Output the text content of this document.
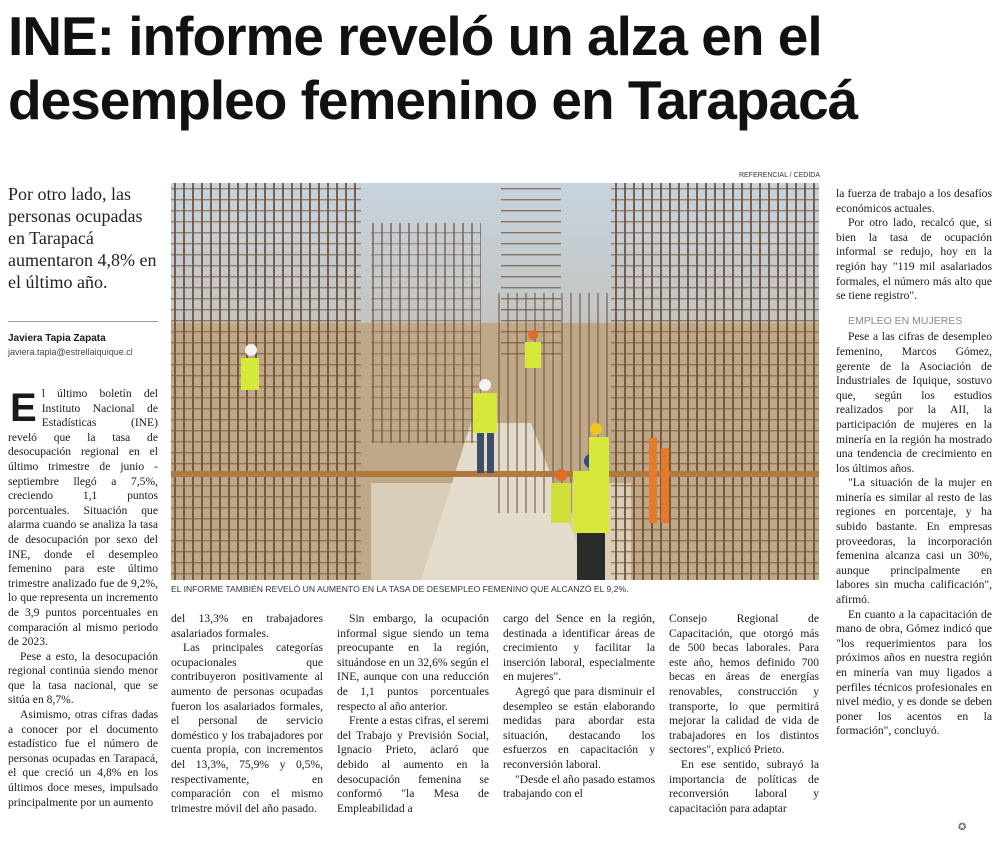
INE: informe reveló un alza en el
desempleo femenino en Tarapacá
Por otro lado, las personas ocupadas en Tarapacá aumentaron 4,8% en el último año.
Javiera Tapia Zapata
javiera.tapia@estrellaiquique.cl
REFERENCIAL / CEDIDA
EL INFORME TAMBIÉN REVELÓ UN AUMENTO EN LA TASA DE DESEMPLEO FEMENINO QUE ALCANZÓ EL 9,2%.

El último boletín del Instituto Nacional de Estadísticas (INE) reveló que la tasa de desocupación regional en el último trimestre de junio - septiembre llegó a 7,5%, creciendo 1,1 puntos porcentuales. Situación que alarma cuando se analiza la tasa de desocupación por sexo del INE, donde el desempleo femenino para este último trimestre analizado fue de 9,2%, lo que representa un incremento de 3,9 puntos porcentuales en comparación al mismo periodo de 2023.

Pese a esto, la desocupación regional continúa siendo menor que la tasa nacional, que se sitúa en 8,7%.

Asimismo, otras cifras dadas a conocer por el documento estadístico fue el número de personas ocupadas en Tarapacá, el que creció un 4,8% en los últimos doce meses, impulsado principalmente por un aumento

del 13,3% en trabajadores asalariados formales.

Las principales categorías ocupacionales que contribuyeron positivamente al aumento de personas ocupadas fueron los asalariados formales, el personal de servicio doméstico y los trabajadores por cuenta propia, con incrementos del 13,3%, 75,9% y 0,5%, respectivamente, en comparación con el mismo trimestre móvil del año pasado.

Sin embargo, la ocupación informal sigue siendo un tema preocupante en la región, situándose en un 32,6% según el INE, aunque con una reducción de 1,1 puntos porcentuales respecto al año anterior.

Frente a estas cifras, el seremi del Trabajo y Previsión Social, Ignacio Prieto, aclaró que debido al aumento en la desocupación femenina se conformó "la Mesa de Empleabilidad a

cargo del Sence en la región, destinada a identificar áreas de crecimiento y facilitar la inserción laboral, especialmente en mujeres".

Agregó que para disminuir el desempleo se están elaborando medidas para abordar esta situación, destacando los esfuerzos en capacitación y reconversión laboral.

"Desde el año pasado estamos trabajando con el

Consejo Regional de Capacitación, que otorgó más de 500 becas laborales. Para este año, hemos definido 700 becas en áreas de energías renovables, construcción y transporte, lo que permitirá mejorar la calidad de vida de trabajadores en los distintos sectores", explicó Prieto.

En ese sentido, subrayó la importancia de políticas de reconversión laboral y capacitación para adaptar

la fuerza de trabajo a los desafíos económicos actuales.

Por otro lado, recalcó que, si bien la tasa de ocupación informal se redujo, hoy en la región hay "119 mil asalariados formales, el número más alto que se tiene registro".

EMPLEO EN MUJERES

Pese a las cifras de desempleo femenino, Marcos Gómez, gerente de la Asociación de Industriales de Iquique, sostuvo que, según los estudios realizados por la AII, la participación de mujeres en la minería en la región ha mostrado una tendencia de crecimiento en los últimos años.

"La situación de la mujer en minería es similar al resto de las regiones en porcentaje, y ha subido bastante. En empresas proveedoras, la incorporación femenina alcanza casi un 30%, aunque principalmente en labores sin mucha calificación", afirmó.

En cuanto a la capacitación de mano de obra, Gómez indicó que "los requerimientos para los próximos años en nuestra región en minería van muy ligados a perfiles técnicos profesionales en nivel medio, y es donde se deben poner los acentos en la formación", concluyó.

✪
